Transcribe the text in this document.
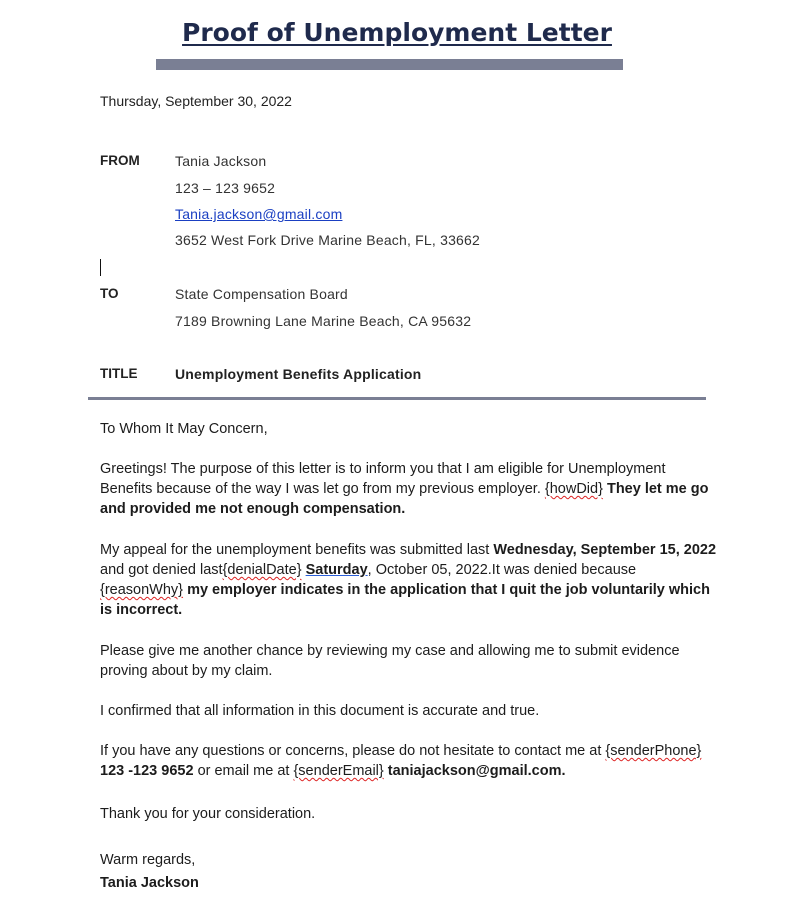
Proof of Unemployment Letter
Thursday, September 30, 2022
FROM	Tania Jackson
123 – 123 9652
Tania.jackson@gmail.com
3652 West Fork Drive Marine Beach, FL, 33662
TO	State Compensation Board
7189 Browning Lane Marine Beach, CA 95632
TITLE	Unemployment Benefits Application

To Whom It May Concern,

Greetings! The purpose of this letter is to inform you that I am eligible for Unemployment Benefits because of the way I was let go from my previous employer. {howDid} They let me go and provided me not enough compensation.

My appeal for the unemployment benefits was submitted last Wednesday, September 15, 2022 and got denied last{denialDate} Saturday, October 05, 2022.It was denied because {reasonWhy} my employer indicates in the application that I quit the job voluntarily which is incorrect.

Please give me another chance by reviewing my case and allowing me to submit evidence proving about by my claim.

I confirmed that all information in this document is accurate and true.

If you have any questions or concerns, please do not hesitate to contact me at {senderPhone} 123 -123 9652 or email me at {senderEmail} taniajackson@gmail.com.

Thank you for your consideration.

Warm regards,

Tania Jackson
